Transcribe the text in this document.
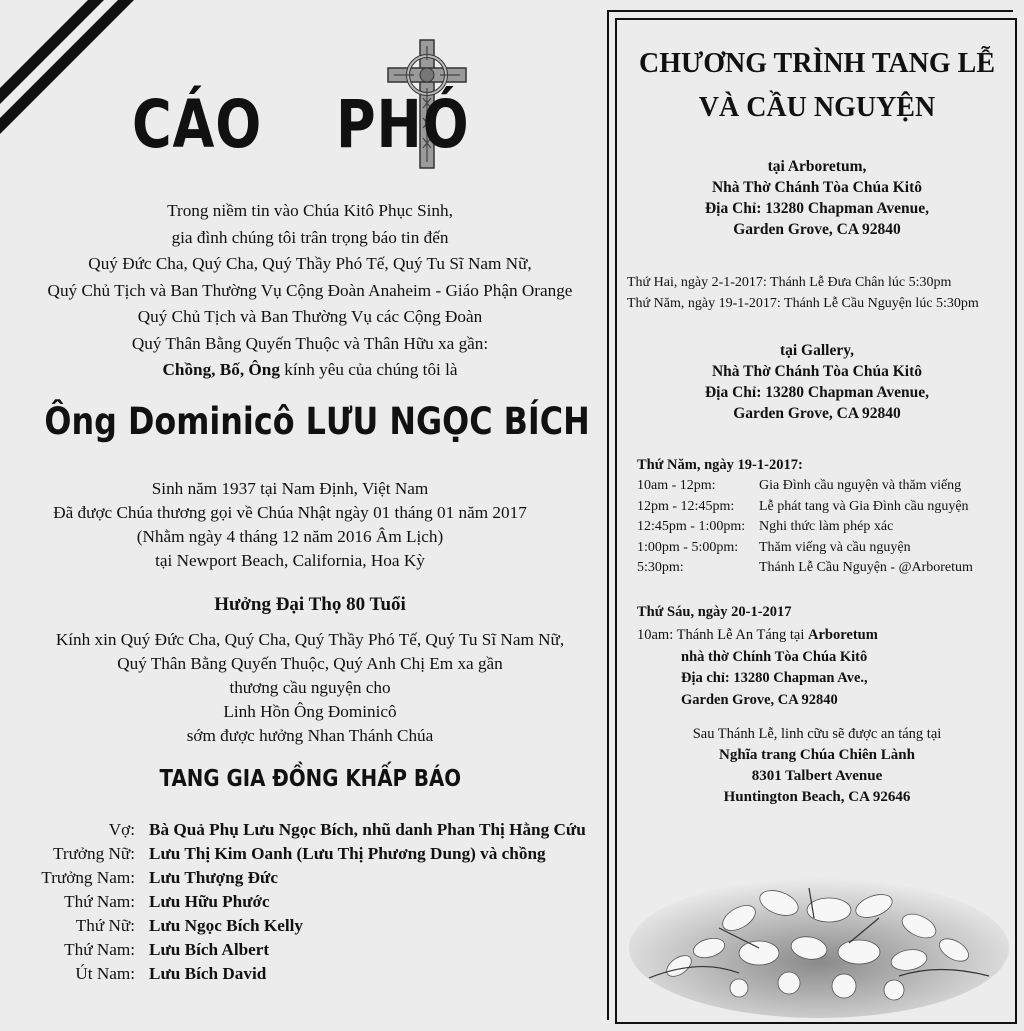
CÁO PHÓ
Trong niềm tin vào Chúa Kitô Phục Sinh,
gia đình chúng tôi trân trọng báo tin đến
Quý Đức Cha, Quý Cha, Quý Thầy Phó Tế, Quý Tu Sĩ Nam Nữ,
Quý Chủ Tịch và Ban Thường Vụ Cộng Đoàn Anaheim - Giáo Phận Orange
Quý Chủ Tịch và Ban Thường Vụ các Cộng Đoàn
Quý Thân Bằng Quyến Thuộc và Thân Hữu xa gần:
Chồng, Bố, Ông kính yêu của chúng tôi là
Ông Dominicô LƯU NGỌC BÍCH
Sinh năm 1937 tại Nam Định, Việt Nam
Đã được Chúa thương gọi về Chúa Nhật ngày 01 tháng 01 năm 2017
(Nhằm ngày 4 tháng 12 năm 2016 Âm Lịch)
tại Newport Beach, California, Hoa Kỳ
Hưởng Đại Thọ 80 Tuổi
Kính xin Quý Đức Cha, Quý Cha, Quý Thầy Phó Tế, Quý Tu Sĩ Nam Nữ,
Quý Thân Bằng Quyến Thuộc, Quý Anh Chị Em xa gần
thương cầu nguyện cho
Linh Hồn Ông Đominicô
sớm được hưởng Nhan Thánh Chúa
TANG GIA ĐỒNG KHẤP BÁO
Vợ: Bà Quả Phụ Lưu Ngọc Bích, nhũ danh Phan Thị Hằng Cứu
Trưởng Nữ: Lưu Thị Kim Oanh (Lưu Thị Phương Dung) và chồng
Trưởng Nam: Lưu Thượng Đức
Thứ Nam: Lưu Hữu Phước
Thứ Nữ: Lưu Ngọc Bích Kelly
Thứ Nam: Lưu Bích Albert
Út Nam: Lưu Bích David
CHƯƠNG TRÌNH TANG LỄ
VÀ CẦU NGUYỆN
tại Arboretum,
Nhà Thờ Chánh Tòa Chúa Kitô
Địa Chỉ: 13280 Chapman Avenue,
Garden Grove, CA 92840
Thứ Hai, ngày 2-1-2017: Thánh Lễ Đưa Chân lúc 5:30pm
Thứ Năm, ngày 19-1-2017: Thánh Lễ Cầu Nguyện lúc 5:30pm
tại Gallery,
Nhà Thờ Chánh Tòa Chúa Kitô
Địa Chỉ: 13280 Chapman Avenue,
Garden Grove, CA 92840
Thứ Năm, ngày 19-1-2017:
10am - 12pm:	Gia Đình cầu nguyện và thăm viếng
12pm - 12:45pm: Lễ phát tang và Gia Đình cầu nguyện
12:45pm - 1:00pm: Nghi thức làm phép xác
1:00pm - 5:00pm: Thăm viếng và cầu nguyện
5:30pm:	Thánh Lễ Cầu Nguyện - @Arboretum
Thứ Sáu, ngày 20-1-2017
10am: Thánh Lễ An Táng tại Arboretum
nhà thờ Chính Tòa Chúa Kitô
Địa chỉ: 13280 Chapman Ave.,
Garden Grove, CA 92840
Sau Thánh Lễ, linh cữu sẽ được an táng tại
Nghĩa trang Chúa Chiên Lành
8301 Talbert Avenue
Huntington Beach, CA 92646
